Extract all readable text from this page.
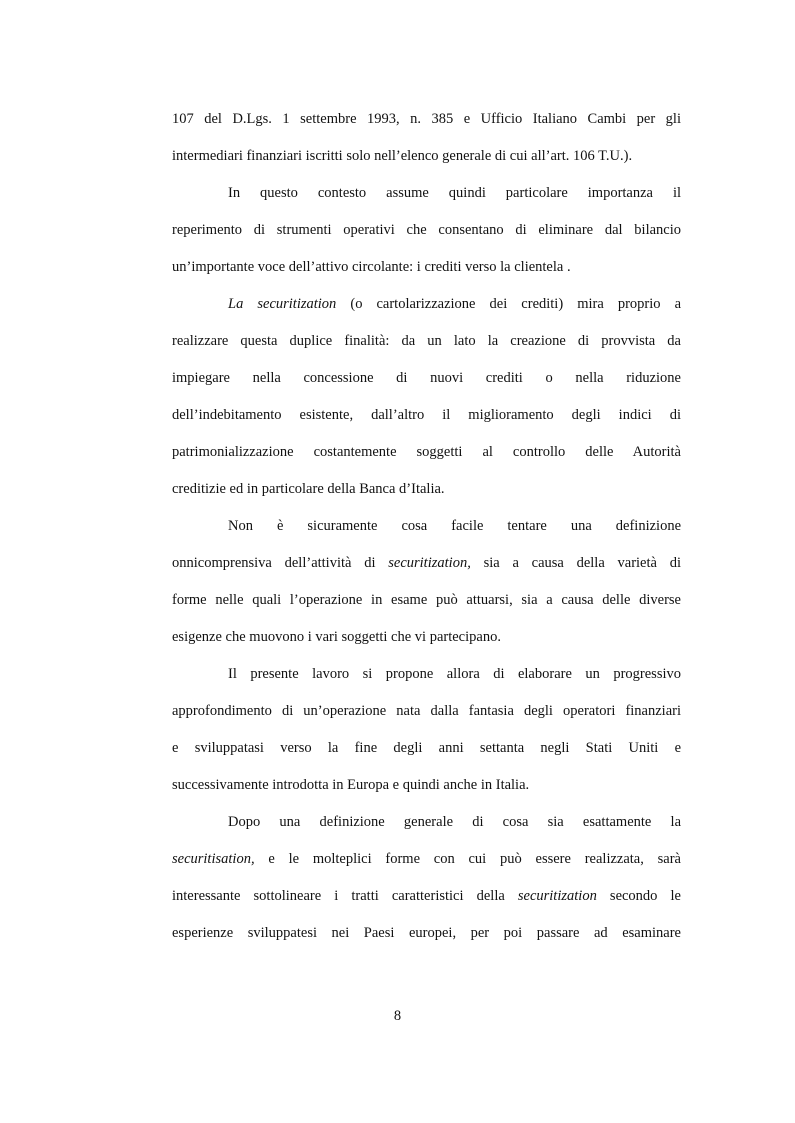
107 del D.Lgs. 1 settembre 1993, n. 385 e Ufficio Italiano Cambi per gli
intermediari finanziari iscritti solo nell’elenco generale di cui all’art. 106 T.U.).
In questo contesto assume quindi particolare importanza il
reperimento di strumenti operativi che consentano di eliminare dal bilancio
un’importante voce dell’attivo circolante: i crediti verso la clientela .
La securitization (o cartolarizzazione dei crediti) mira proprio a
realizzare questa duplice finalità: da un lato la creazione di provvista da
impiegare nella concessione di nuovi crediti o nella riduzione
dell’indebitamento esistente, dall’altro il miglioramento degli indici di
patrimonializzazione costantemente soggetti al controllo delle Autorità
creditizie ed in particolare della Banca d’Italia.
Non è sicuramente cosa facile tentare una definizione
onnicomprensiva dell’attività di securitization, sia a causa della varietà di
forme nelle quali l’operazione in esame può attuarsi, sia a causa delle diverse
esigenze che muovono i vari soggetti che vi partecipano.
Il presente lavoro si propone allora di elaborare un progressivo
approfondimento di un’operazione nata dalla fantasia degli operatori finanziari
e sviluppatasi verso la fine degli anni settanta negli Stati Uniti e
successivamente introdotta in Europa e quindi anche in Italia.
Dopo una definizione generale di cosa sia esattamente la
securitisation, e le molteplici forme con cui può essere realizzata, sarà
interessante sottolineare i tratti caratteristici della securitization secondo le
esperienze sviluppatesi nei Paesi europei, per poi passare ad esaminare
8
